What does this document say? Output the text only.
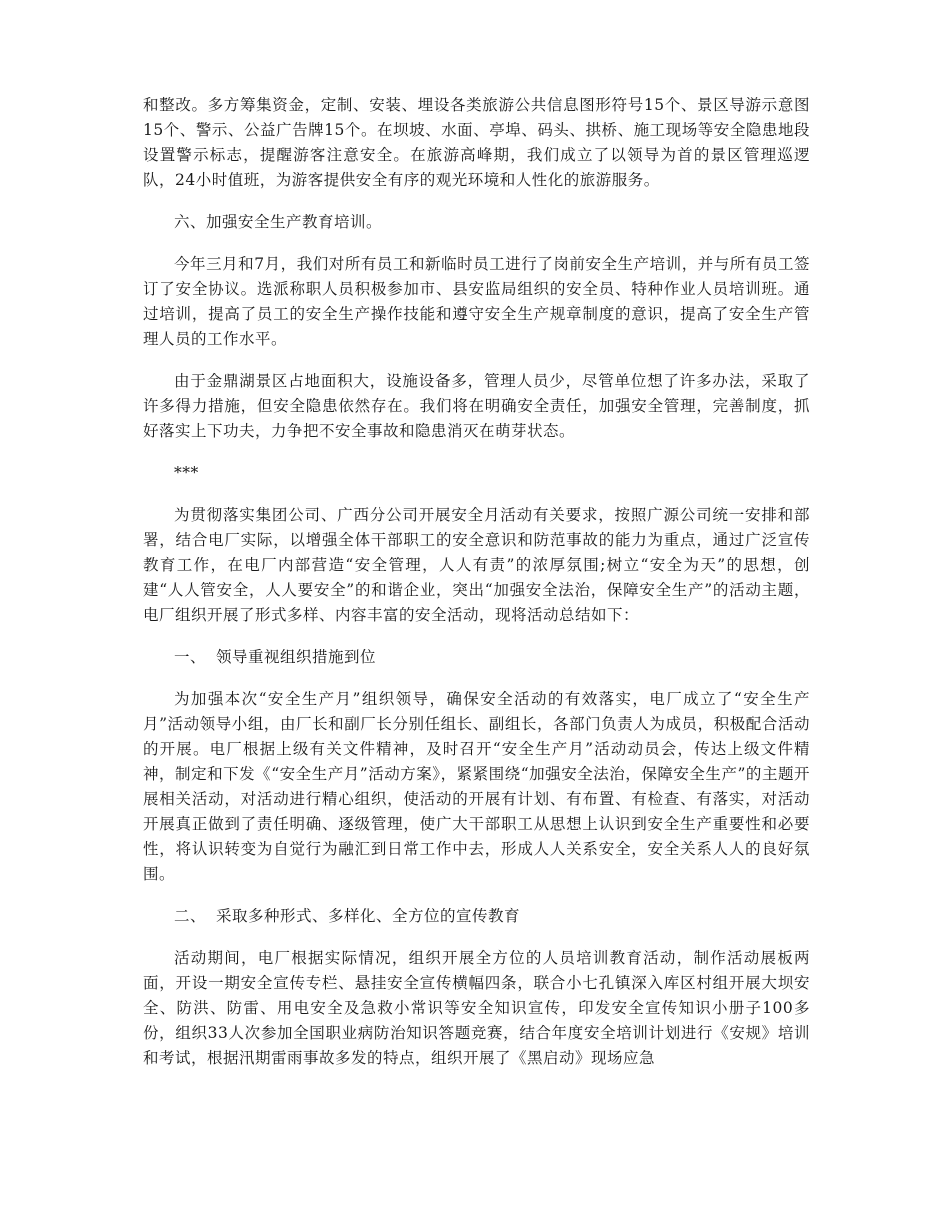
和整改。多方筹集资金，定制、安装、埋设各类旅游公共信息图形符号15个、景区导游示意图15个、警示、公益广告牌15个。在坝坡、水面、亭埠、码头、拱桥、施工现场等安全隐患地段设置警示标志，提醒游客注意安全。在旅游高峰期，我们成立了以领导为首的景区管理巡逻队，24小时值班，为游客提供安全有序的观光环境和人性化的旅游服务。

六、加强安全生产教育培训。

今年三月和7月，我们对所有员工和新临时员工进行了岗前安全生产培训，并与所有员工签订了安全协议。选派称职人员积极参加市、县安监局组织的安全员、特种作业人员培训班。通过培训，提高了员工的安全生产操作技能和遵守安全生产规章制度的意识，提高了安全生产管理人员的工作水平。

由于金鼎湖景区占地面积大，设施设备多，管理人员少，尽管单位想了许多办法，采取了许多得力措施，但安全隐患依然存在。我们将在明确安全责任，加强安全管理，完善制度，抓好落实上下功夫，力争把不安全事故和隐患消灭在萌芽状态。

***

为贯彻落实集团公司、广西分公司开展安全月活动有关要求，按照广源公司统一安排和部署，结合电厂实际，以增强全体干部职工的安全意识和防范事故的能力为重点，通过广泛宣传教育工作，在电厂内部营造“安全管理，人人有责”的浓厚氛围;树立“安全为天”的思想，创建“人人管安全，人人要安全”的和谐企业，突出“加强安全法治，保障安全生产”的活动主题，电厂组织开展了形式多样、内容丰富的安全活动，现将活动总结如下：

一、 领导重视组织措施到位

为加强本次“安全生产月”组织领导，确保安全活动的有效落实，电厂成立了“安全生产月”活动领导小组，由厂长和副厂长分别任组长、副组长，各部门负责人为成员，积极配合活动的开展。电厂根据上级有关文件精神，及时召开“安全生产月”活动动员会，传达上级文件精神，制定和下发《“安全生产月”活动方案》，紧紧围绕“加强安全法治，保障安全生产”的主题开展相关活动，对活动进行精心组织，使活动的开展有计划、有布置、有检查、有落实，对活动开展真正做到了责任明确、逐级管理，使广大干部职工从思想上认识到安全生产重要性和必要性，将认识转变为自觉行为融汇到日常工作中去，形成人人关系安全，安全关系人人的良好氛围。

二、 采取多种形式、多样化、全方位的宣传教育

活动期间，电厂根据实际情况，组织开展全方位的人员培训教育活动，制作活动展板两面，开设一期安全宣传专栏、悬挂安全宣传横幅四条，联合小七孔镇深入库区村组开展大坝安全、防洪、防雷、用电安全及急救小常识等安全知识宣传，印发安全宣传知识小册子100多份，组织33人次参加全国职业病防治知识答题竞赛，结合年度安全培训计划进行《安规》培训和考试，根据汛期雷雨事故多发的特点，组织开展了《黑启动》现场应急
